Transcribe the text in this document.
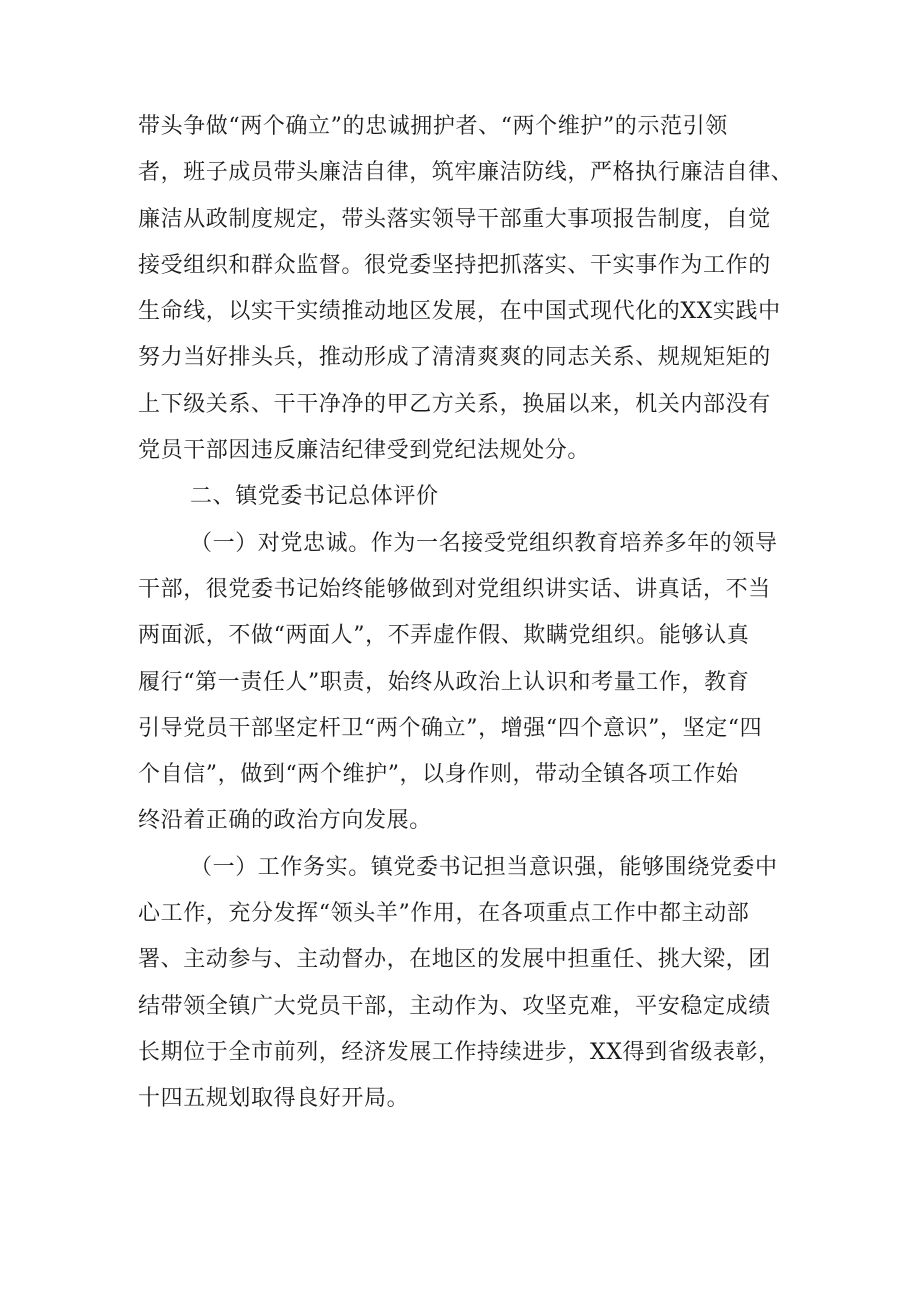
带头争做“两个确立”的忠诚拥护者、“两个维护”的示范引领
者，班子成员带头廉洁自律，筑牢廉洁防线，严格执行廉洁自律、
廉洁从政制度规定，带头落实领导干部重大事项报告制度，自觉
接受组织和群众监督。很党委坚持把抓落实、干实事作为工作的
生命线，以实干实绩推动地区发展，在中国式现代化的XX实践中
努力当好排头兵，推动形成了清清爽爽的同志关系、规规矩矩的
上下级关系、干干净净的甲乙方关系，换届以来，机关内部没有
党员干部因违反廉洁纪律受到党纪法规处分。
二、镇党委书记总体评价
（一）对党忠诚。作为一名接受党组织教育培养多年的领导
干部，很党委书记始终能够做到对党组织讲实话、讲真话，不当
两面派，不做“两面人”，不弄虚作假、欺瞒党组织。能够认真
履行“第一责任人”职责，始终从政治上认识和考量工作，教育
引导党员干部坚定杆卫“两个确立”，增强“四个意识”，坚定“四
个自信”，做到“两个维护”，以身作则，带动全镇各项工作始
终沿着正确的政治方向发展。
（一）工作务实。镇党委书记担当意识强，能够围绕党委中
心工作，充分发挥“领头羊”作用，在各项重点工作中都主动部
署、主动参与、主动督办，在地区的发展中担重任、挑大梁，团
结带领全镇广大党员干部，主动作为、攻坚克难，平安稳定成绩
长期位于全市前列，经济发展工作持续进步，XX得到省级表彰，
十四五规划取得良好开局。
